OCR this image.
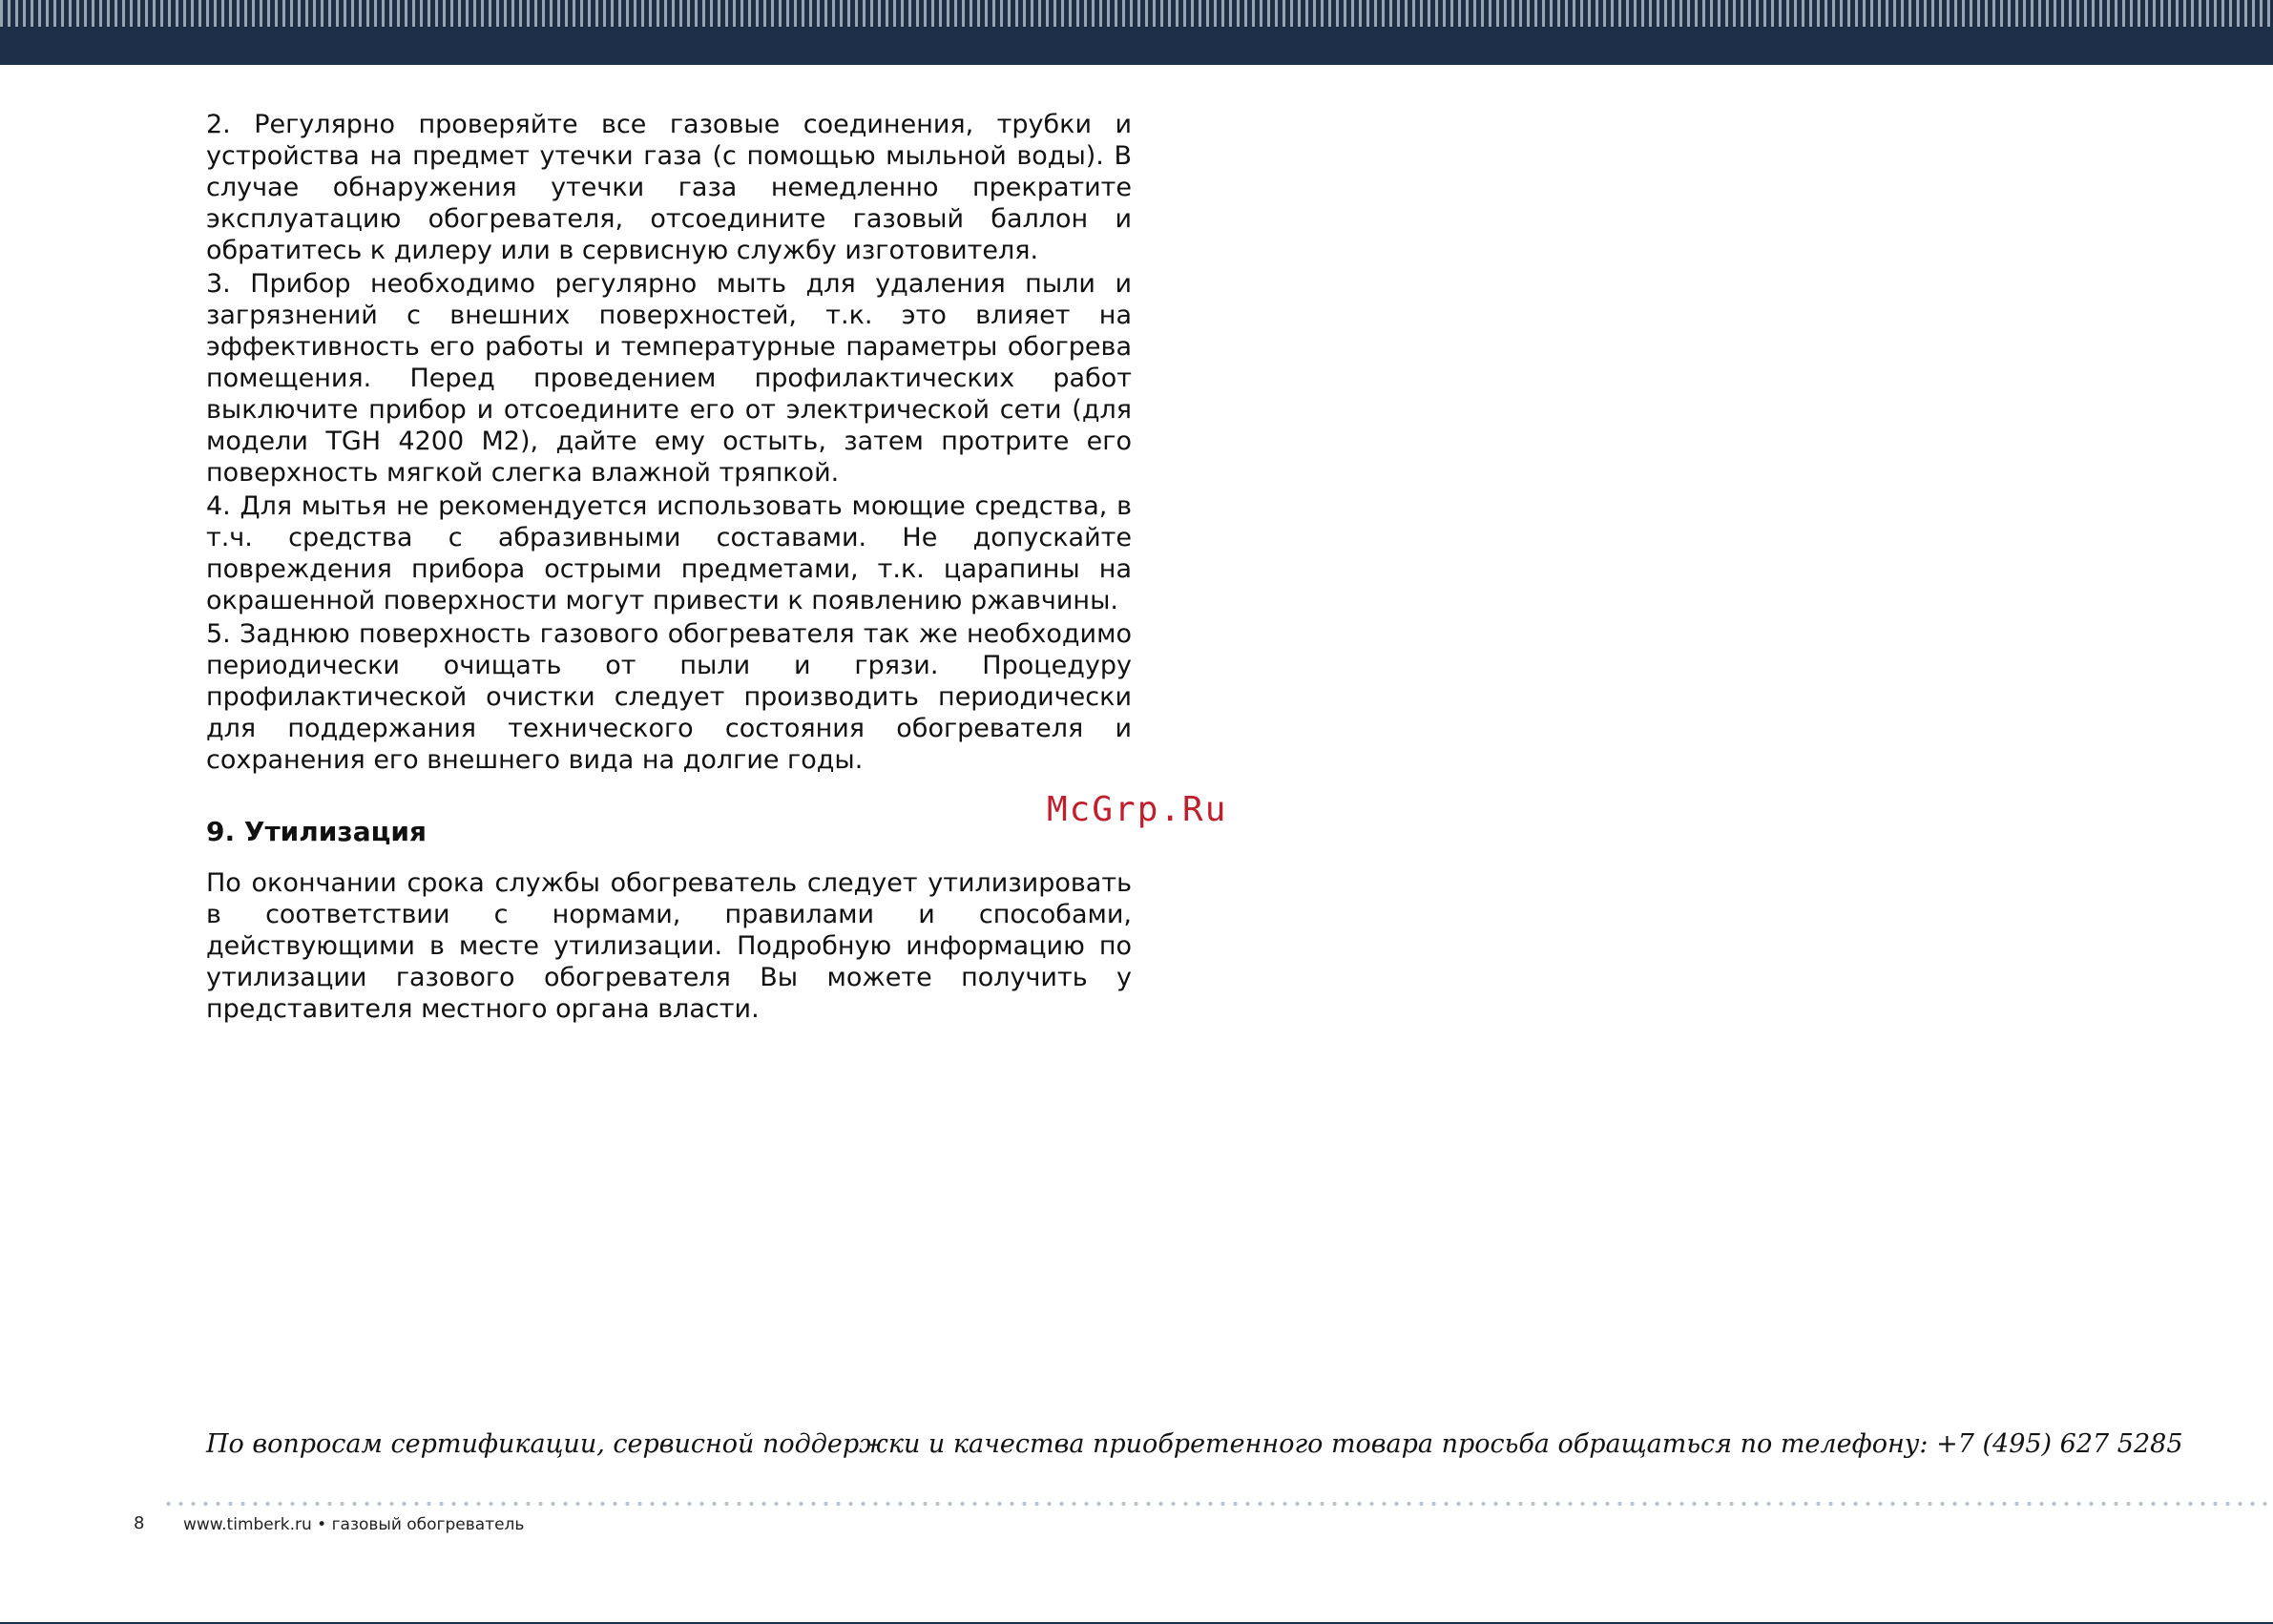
2. Регулярно проверяйте все газовые соединения, трубки и устройства на предмет утечки газа (с помощью мыльной воды). В случае обнаружения утечки газа немедленно прекратите эксплуатацию обогревателя, отсоедините газовый баллон и обратитесь к дилеру или в сервисную службу изготовителя.

3. Прибор необходимо регулярно мыть для удаления пыли и загрязнений с внешних поверхностей, т.к. это влияет на эффективность его работы и температурные параметры обогрева помещения. Перед проведением профилактических работ выключите прибор и отсоедините его от электрической сети (для модели TGH 4200 M2), дайте ему остыть, затем протрите его поверхность мягкой слегка влажной тряпкой.

4. Для мытья не рекомендуется использовать моющие средства, в т.ч. средства с абразивными составами. Не допускайте повреждения прибора острыми предметами, т.к. царапины на окрашенной поверхности могут привести к появлению ржавчины.

5. Заднюю поверхность газового обогревателя так же необходимо периодически очищать от пыли и грязи. Процедуру профилактической очистки следует производить периодически для поддержания технического состояния обогревателя и сохранения его внешнего вида на долгие годы.

9. Утилизация

По окончании срока службы обогреватель следует утилизировать в соответствии с нормами, правилами и способами, действующими в месте утилизации. Подробную информацию по утилизации газового обогревателя Вы можете получить у представителя местного органа власти.

McGrp.Ru
По вопросам сертификации, сервисной поддержки и качества приобретенного товара просьба обращаться по телефону: +7 (495) 627 5285
8 www.timberk.ru • газовый обогреватель
